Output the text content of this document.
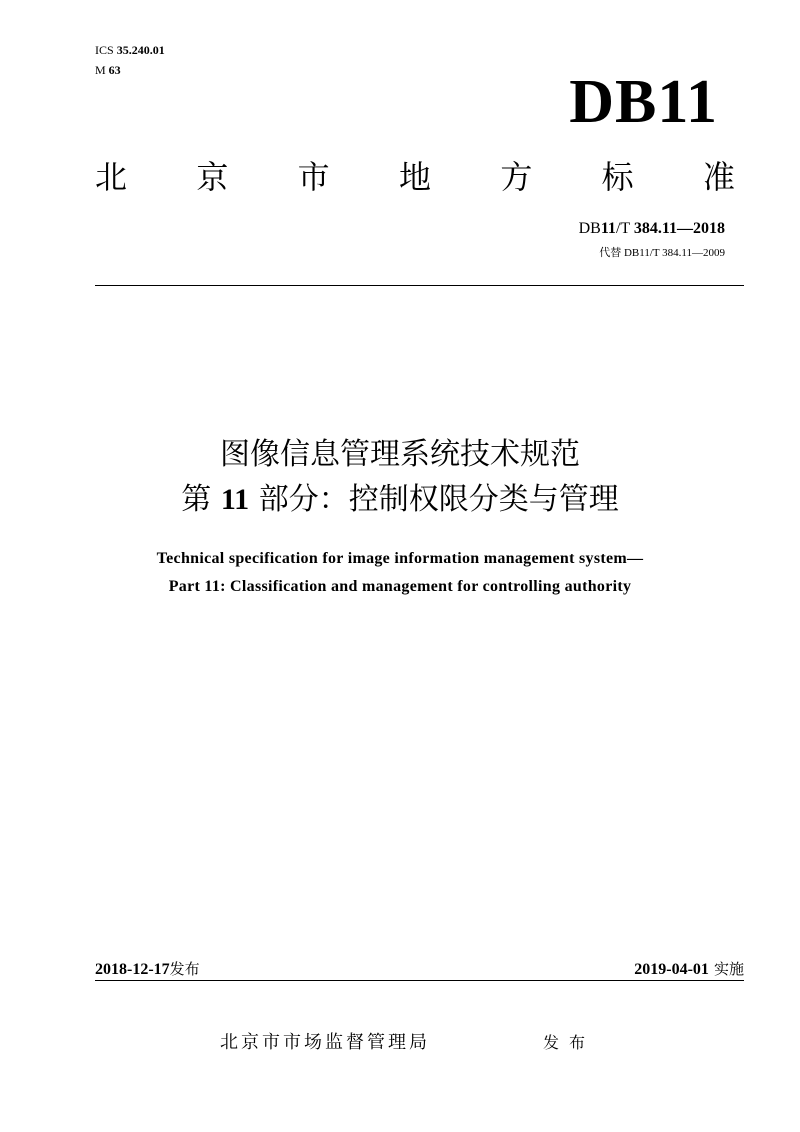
ICS 35.240.01
M 63	DB11
北 京 市 地 方 标 准
DB11/T 384.11—2018
代替 DB11/T 384.11—2009
图像信息管理系统技术规范
第 11 部分：控制权限分类与管理
Technical specification for image information management system—
Part 11: Classification and management for controlling authority
2018-12-17发布	2019-04-01 实施
北京市市场监督管理局	发布
